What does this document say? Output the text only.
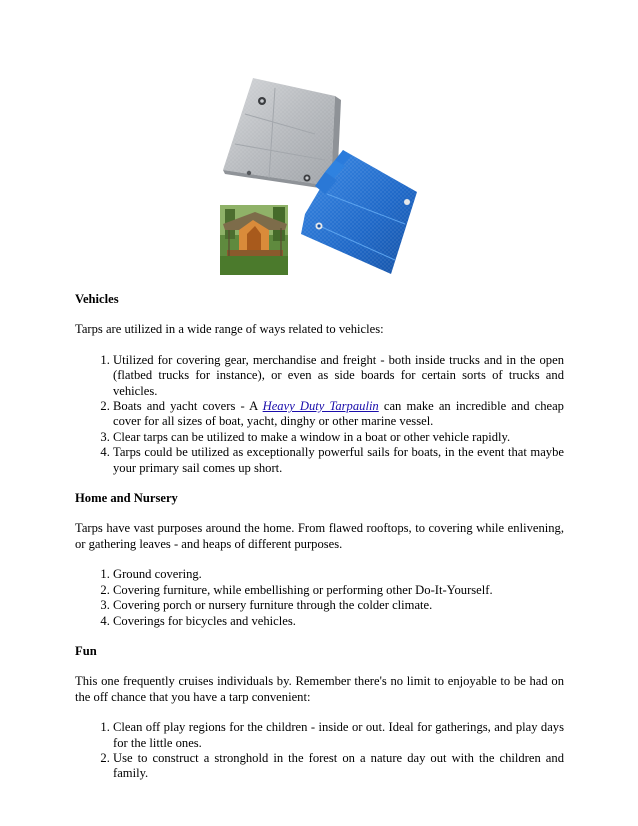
Vehicles

Tarps are utilized in a wide range of ways related to vehicles:

1. Utilized for covering gear, merchandise and freight - both inside trucks and in the open (flatbed trucks for instance), or even as side boards for certain sorts of trucks and vehicles.
2. Boats and yacht covers - A Heavy Duty Tarpaulin can make an incredible and cheap cover for all sizes of boat, yacht, dinghy or other marine vessel.
3. Clear tarps can be utilized to make a window in a boat or other vehicle rapidly.
4. Tarps could be utilized as exceptionally powerful sails for boats, in the event that maybe your primary sail comes up short.
Home and Nursery

Tarps have vast purposes around the home. From flawed rooftops, to covering while enlivening, or gathering leaves - and heaps of different purposes.

1. Ground covering.
2. Covering furniture, while embellishing or performing other Do-It-Yourself.
3. Covering porch or nursery furniture through the colder climate.
4. Coverings for bicycles and vehicles.
Fun

This one frequently cruises individuals by. Remember there's no limit to enjoyable to be had on the off chance that you have a tarp convenient:

1. Clean off play regions for the children - inside or out. Ideal for gatherings, and play days for the little ones.
2. Use to construct a stronghold in the forest on a nature day out with the children and family.
